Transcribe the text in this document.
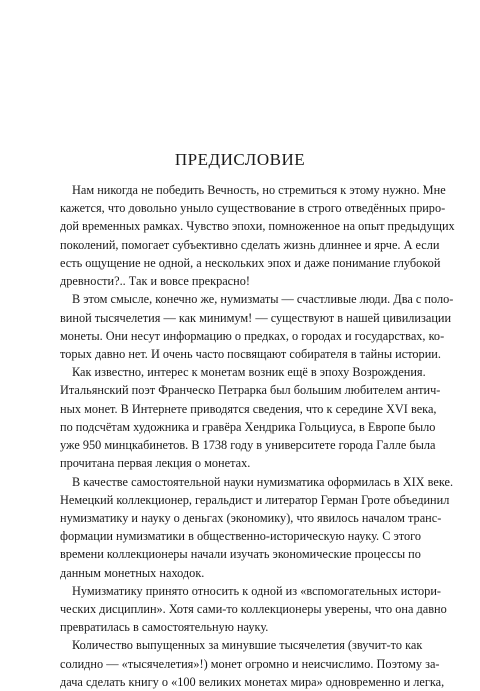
ПРЕДИСЛОВИЕ
Нам никогда не победить Вечность, но стремиться к этому нужно. Мне
кажется, что довольно уныло существование в строго отведённых приро-
дой временных рамках. Чувство эпохи, помноженное на опыт предыдущих
поколений, помогает субъективно сделать жизнь длиннее и ярче. А если
есть ощущение не одной, а нескольких эпох и даже понимание глубокой
древности?.. Так и вовсе прекрасно!
В этом смысле, конечно же, нумизматы — счастливые люди. Два с поло-
виной тысячелетия — как минимум! — существуют в нашей цивилизации
монеты. Они несут информацию о предках, о городах и государствах, ко-
торых давно нет. И очень часто посвящают собирателя в тайны истории.
Как известно, интерес к монетам возник ещё в эпоху Возрождения.
Итальянский поэт Франческо Петрарка был большим любителем антич-
ных монет. В Интернете приводятся сведения, что к середине XVI века,
по подсчётам художника и гравёра Хендрика Гольциуса, в Европе было
уже 950 минцкабинетов. В 1738 году в университете города Галле была
прочитана первая лекция о монетах.
В качестве самостоятельной науки нумизматика оформилась в XIX веке.
Немецкий коллекционер, геральдист и литератор Герман Гроте объединил
нумизматику и науку о деньгах (экономику), что явилось началом транс-
формации нумизматики в общественно-историческую науку. С этого
времени коллекционеры начали изучать экономические процессы по
данным монетных находок.
Нумизматику принято относить к одной из «вспомогательных истори-
ческих дисциплин». Хотя сами-то коллекционеры уверены, что она давно
превратилась в самостоятельную науку.
Количество выпущенных за минувшие тысячелетия (звучит-то как
солидно — «тысячелетия»!) монет огромно и неисчислимо. Поэтому за-
дача сделать книгу о «100 великих монетах мира» одновременно и легка,
